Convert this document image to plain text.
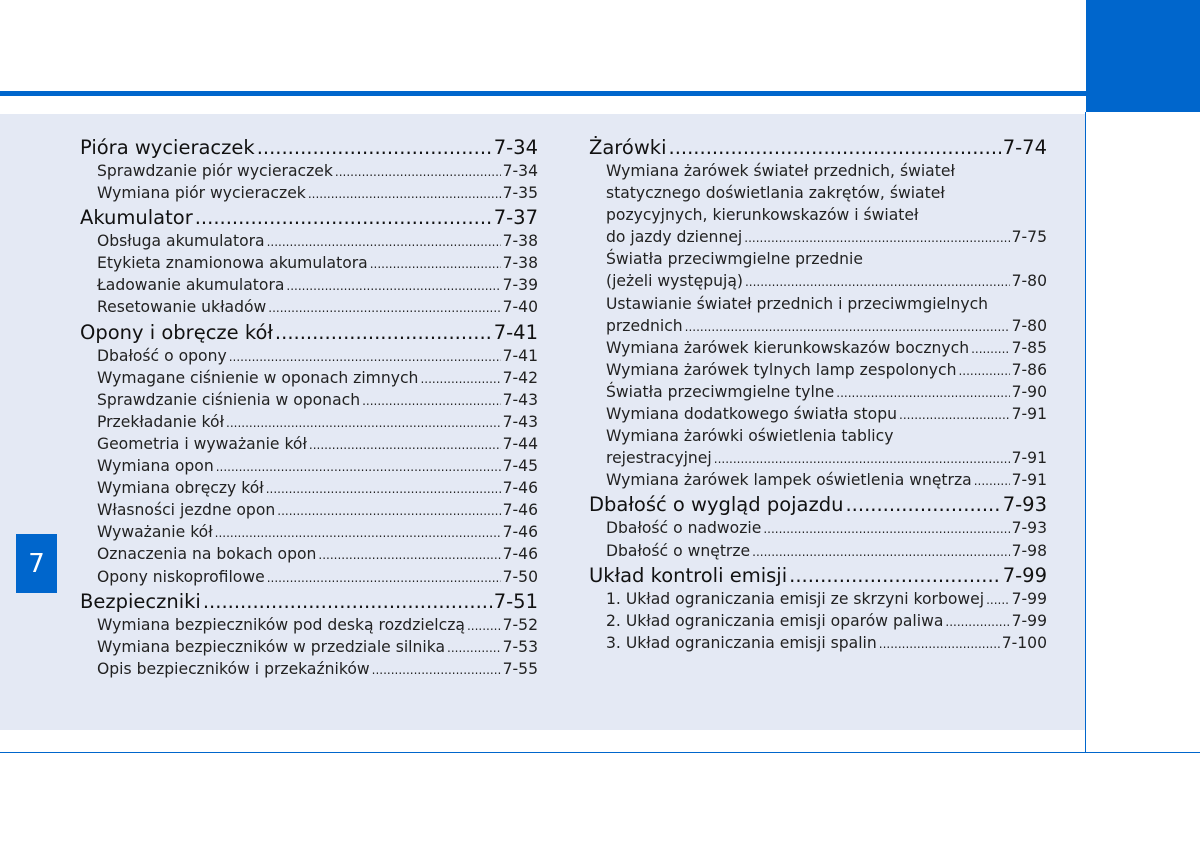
7
Pióra wycieraczek .....	7-34
Sprawdzanie piór wycieraczek .....	7-34
Wymiana piór wycieraczek .....	7-35
Akumulator .....	7-37
Obsługa akumulatora .....	7-38
Etykieta znamionowa akumulatora .....	7-38
Ładowanie akumulatora .....	7-39
Resetowanie układów .....	7-40
Opony i obręcze kół .....	7-41
Dbałość o opony .....	7-41
Wymagane ciśnienie w oponach zimnych .....	7-42
Sprawdzanie ciśnienia w oponach .....	7-43
Przekładanie kół .....	7-43
Geometria i wyważanie kół .....	7-44
Wymiana opon .....	7-45
Wymiana obręczy kół .....	7-46
Własności jezdne opon .....	7-46
Wyważanie kół .....	7-46
Oznaczenia na bokach opon .....	7-46
Opony niskoprofilowe .....	7-50
Bezpieczniki .....	7-51
Wymiana bezpieczników pod deską rozdzielczą ..... 7-52
Wymiana bezpieczników w przedziale silnika .....	7-53
Opis bezpieczników i przekaźników .....	7-55
Żarówki .....	7-74
Wymiana żarówek świateł przednich, świateł
statycznego doświetlania zakrętów, świateł
pozycyjnych, kierunkowskazów i świateł
do jazdy dziennej .....	7-75
Światła przeciwmgielne przednie
(jeżeli występują) .....	7-80
Ustawianie świateł przednich i przeciwmgielnych
przednich .....	7-80
Wymiana żarówek kierunkowskazów bocznych .....	7-85
Wymiana żarówek tylnych lamp zespolonych .....	7-86
Światła przeciwmgielne tylne .....	7-90
Wymiana dodatkowego światła stopu .....	7-91
Wymiana żarówki oświetlenia tablicy
rejestracyjnej .....	7-91
Wymiana żarówek lampek oświetlenia wnętrza .....	7-91
Dbałość o wygląd pojazdu .....	7-93
Dbałość o nadwozie .....	7-93
Dbałość o wnętrze .....	7-98
Układ kontroli emisji .....	7-99
1. Układ ograniczania emisji ze skrzyni korbowej ..... 7-99
2. Układ ograniczania emisji oparów paliwa .....	7-99
3. Układ ograniczania emisji spalin .....	7-100
